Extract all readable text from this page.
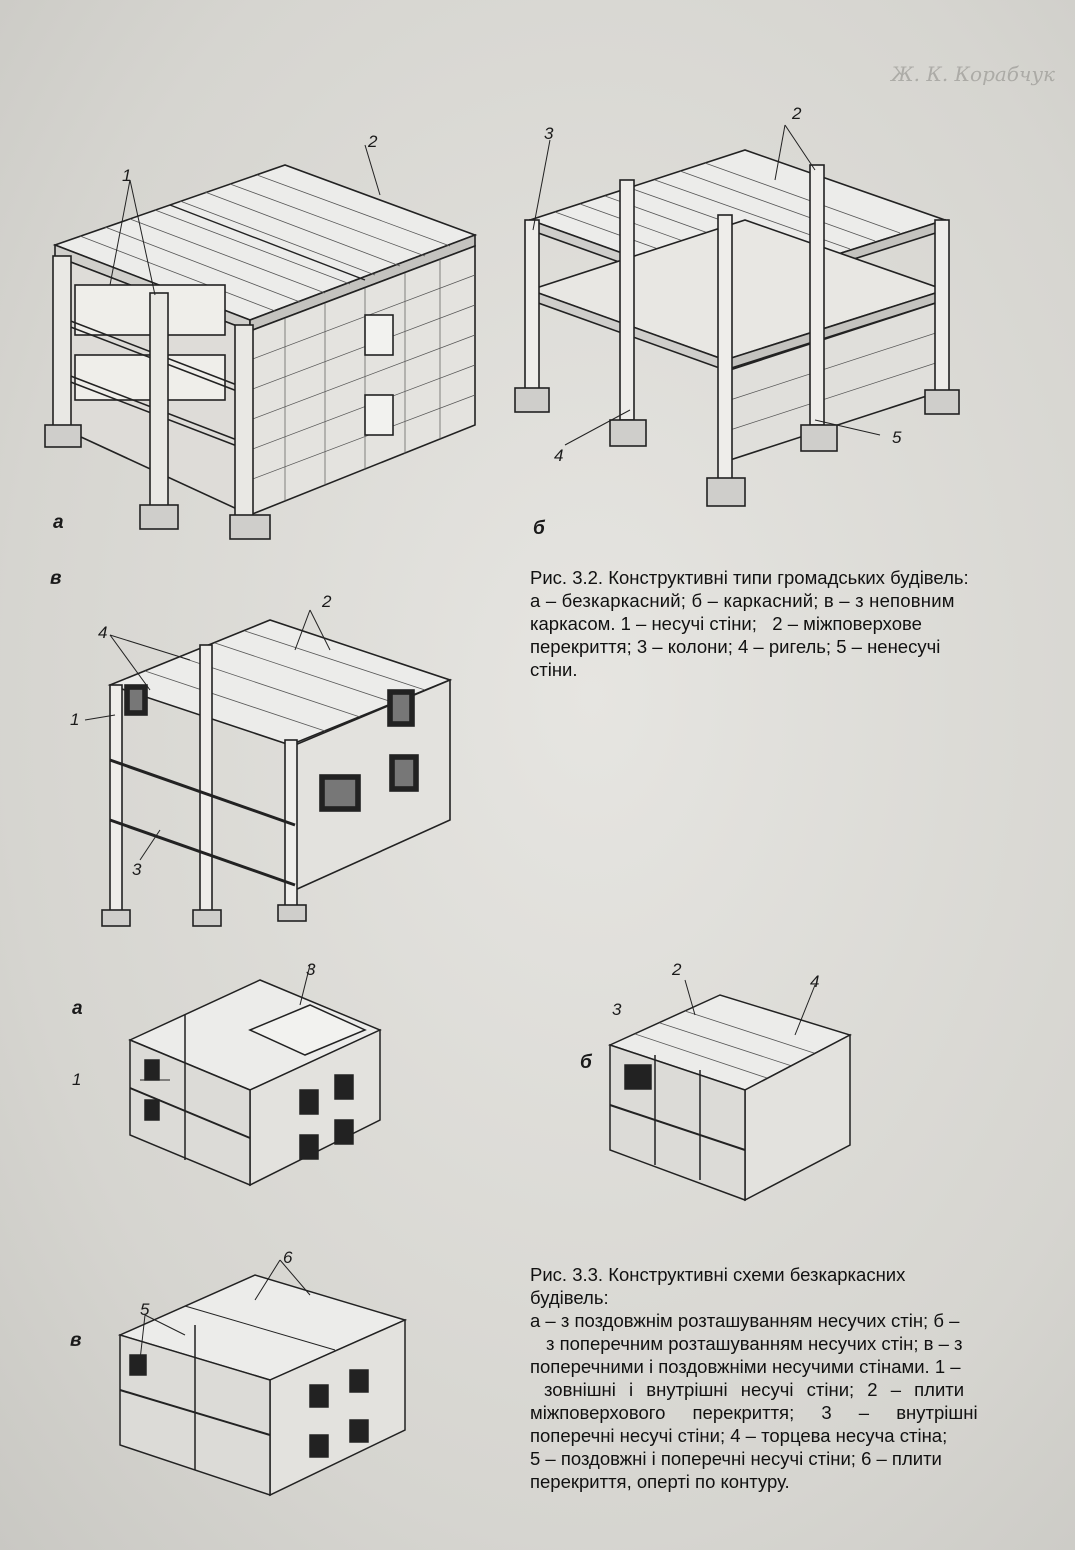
Ж. К. Корабчук
2
1
а
3
2
4
5
б
в
2
4
1
3

Рис. 3.2. Конструктивні типи громадських будівель:

а – безкаркасний; б – каркасний; в – з неповним

каркасом. 1 – несучі стіни;   2 – міжповерхове

перекриття; 3 – колони; 4 – ригель; 5 – ненесучі

стіни.

3
1
а
2
4
3
б
6
5
в

Рис. 3.3. Конструктивні схеми безкаркасних

будівель:

а – з поздовжнім розташуванням несучих стін; б –

з поперечним розташуванням несучих стін; в – з

поперечними і поздовжніми несучими стінами. 1 –

зовнішні і внутрішні несучі стіни; 2 – плити

міжповерхового перекриття; 3 – внутрішні

поперечні несучі стіни; 4 – торцева несуча стіна;

5 – поздовжні і поперечні несучі стіни; 6 – плити

перекриття, оперті по контуру.
